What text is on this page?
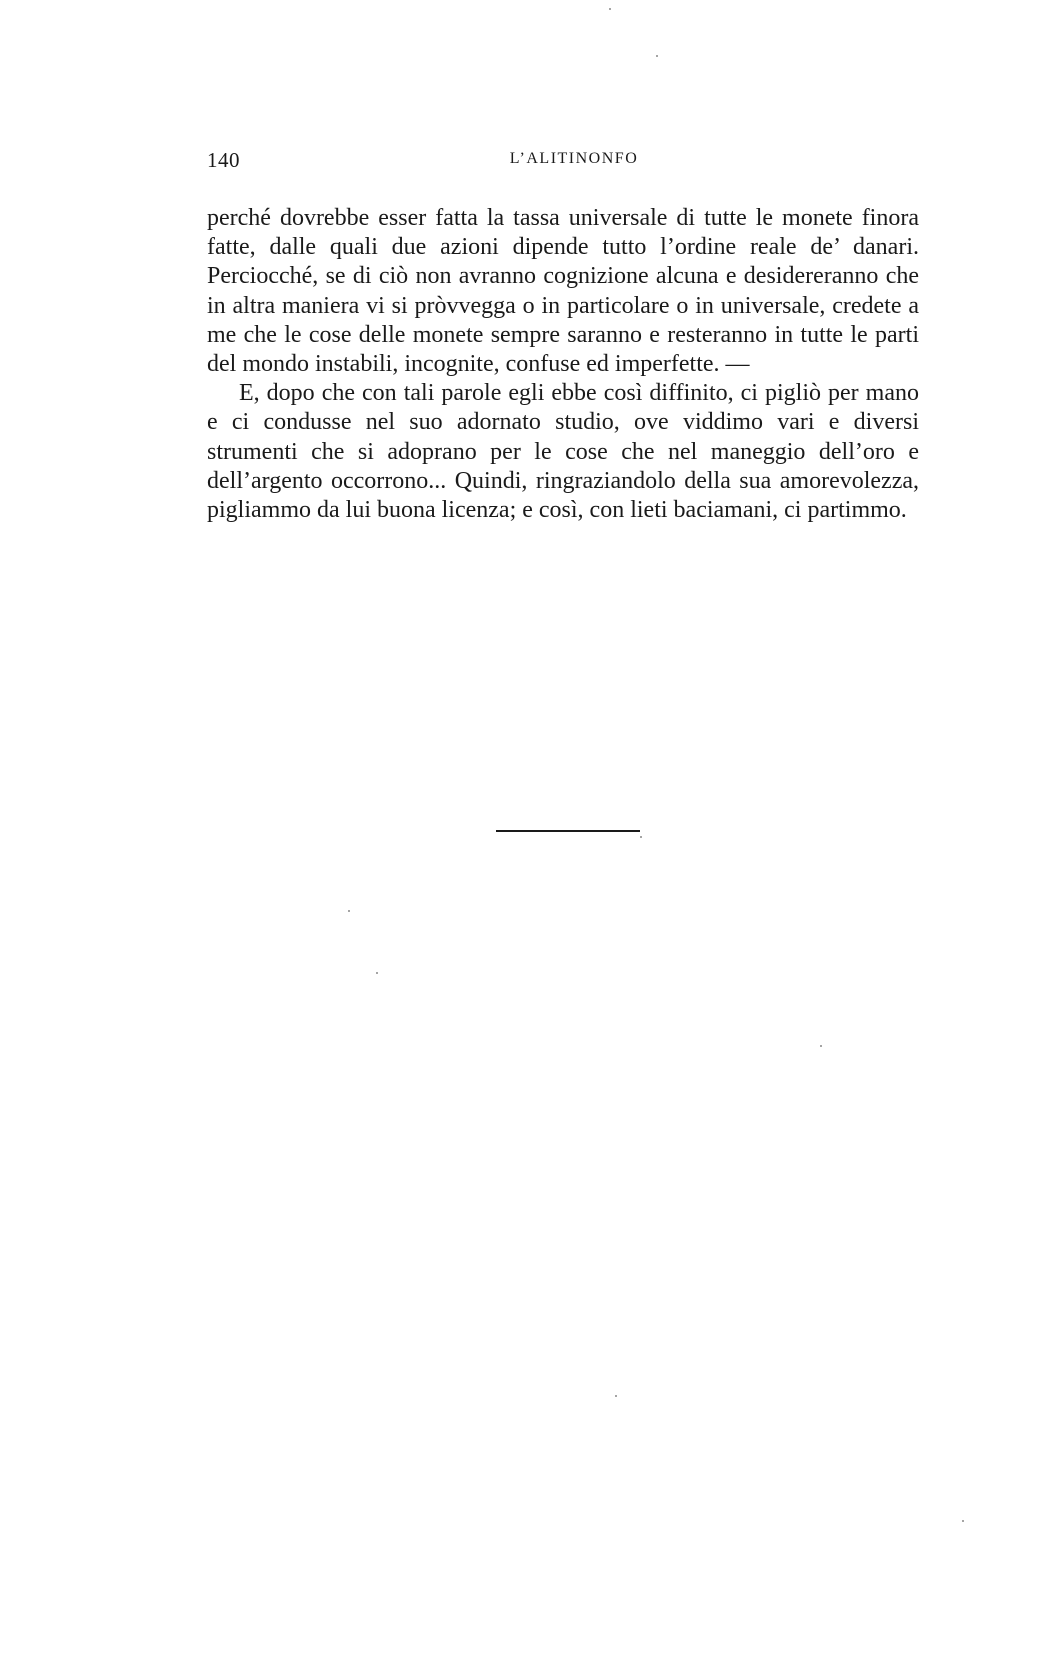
140	L’ALITINONFO

perché dovrebbe esser fatta la tassa universale di tutte le monete finora fatte, dalle quali due azioni dipende tutto l’ordine reale de’ danari. Perciocché, se di ciò non avranno cognizione alcuna e desidereranno che in altra maniera vi si pròvvegga o in particolare o in universale, credete a me che le cose delle monete sempre saranno e resteranno in tutte le parti del mondo instabili, incognite, confuse ed imperfette. —

E, dopo che con tali parole egli ebbe così diffinito, ci pigliò per mano e ci condusse nel suo adornato studio, ove viddimo vari e diversi strumenti che si adoprano per le cose che nel maneggio dell’oro e dell’argento occorrono... Quindi, ringraziandolo della sua amorevolezza, pigliammo da lui buona licenza; e così, con lieti baciamani, ci partimmo.
